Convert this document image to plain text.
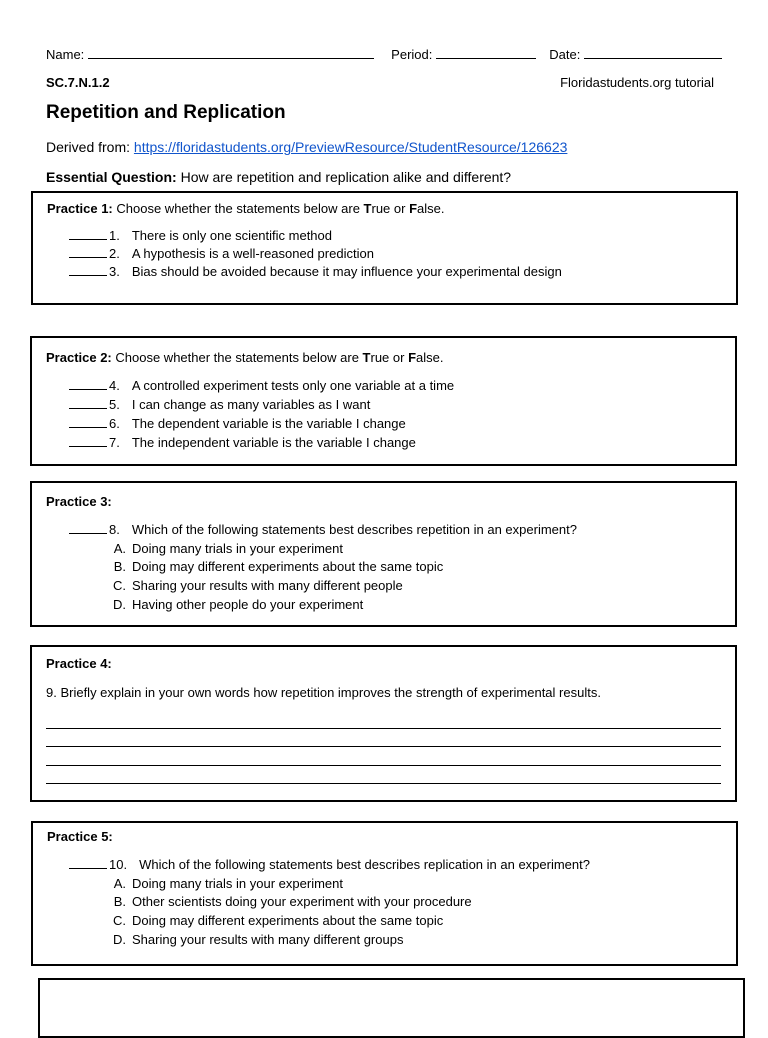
Name:	Period:	Date:
SC.7.N.1.2	Floridastudents.org tutorial
Repetition and Replication
Derived from: https://floridastudents.org/PreviewResource/StudentResource/126623
Essential Question: How are repetition and replication alike and different?
Practice 1: Choose whether the statements below are True or False.
1. There is only one scientific method
2. A hypothesis is a well-reasoned prediction
3. Bias should be avoided because it may influence your experimental design
Practice 2: Choose whether the statements below are True or False.
4. A controlled experiment tests only one variable at a time
5. I can change as many variables as I want
6. The dependent variable is the variable I change
7. The independent variable is the variable I change
Practice 3:
8. Which of the following statements best describes repetition in an experiment?
A. Doing many trials in your experiment
B. Doing may different experiments about the same topic
C. Sharing your results with many different people
D. Having other people do your experiment
Practice 4:
9. Briefly explain in your own words how repetition improves the strength of experimental results.
Practice 5:
10. Which of the following statements best describes replication in an experiment?
A. Doing many trials in your experiment
B. Other scientists doing your experiment with your procedure
C. Doing may different experiments about the same topic
D. Sharing your results with many different groups
